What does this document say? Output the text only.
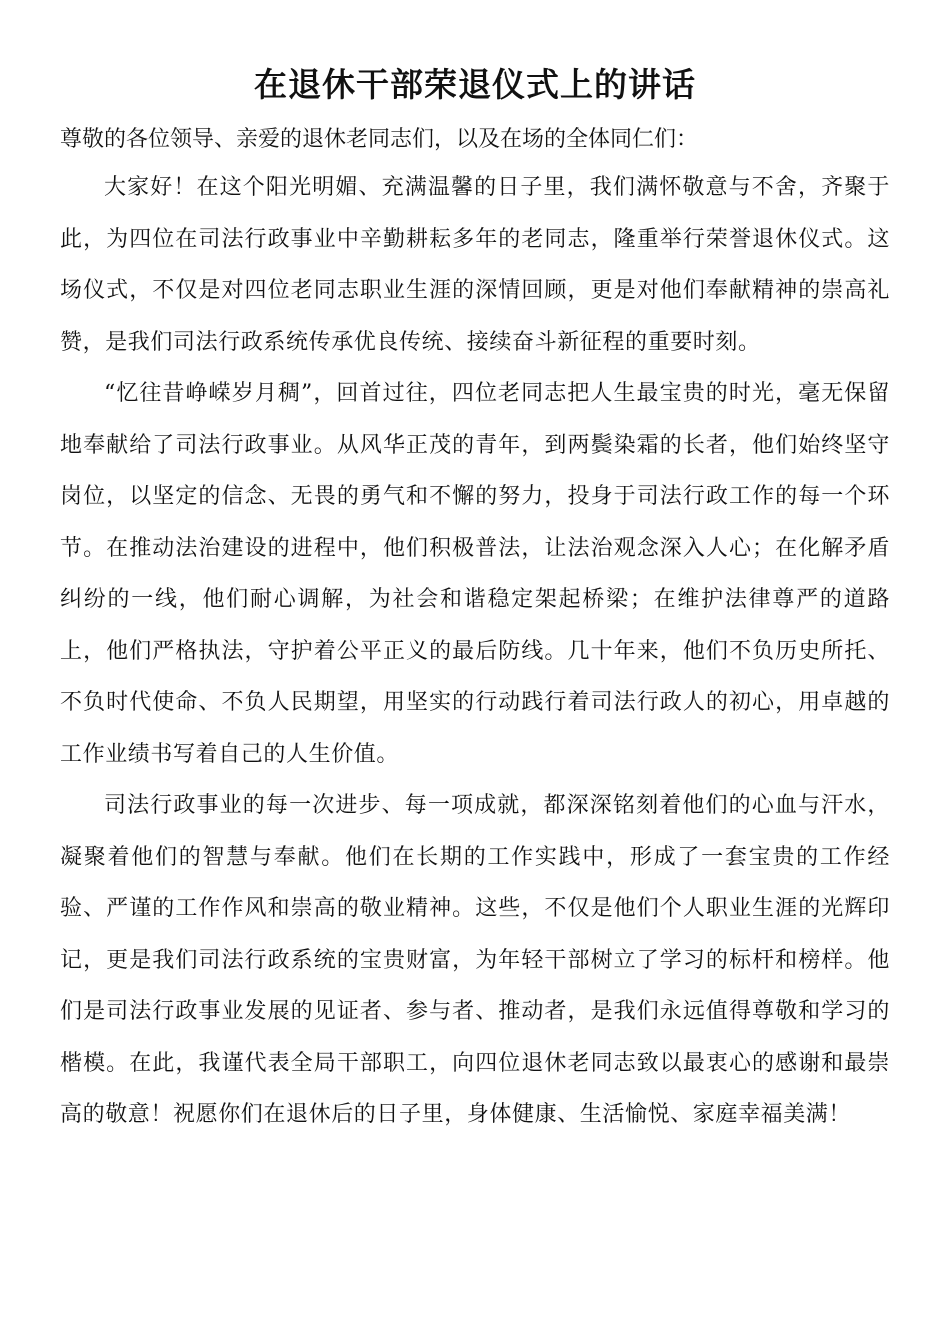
在退休干部荣退仪式上的讲话

尊敬的各位领导、亲爱的退休老同志们，以及在场的全体同仁们：

大家好！在这个阳光明媚、充满温馨的日子里，我们满怀敬意与不舍，齐聚于此，为四位在司法行政事业中辛勤耕耘多年的老同志，隆重举行荣誉退休仪式。这场仪式，不仅是对四位老同志职业生涯的深情回顾，更是对他们奉献精神的崇高礼赞，是我们司法行政系统传承优良传统、接续奋斗新征程的重要时刻。

“忆往昔峥嵘岁月稠”，回首过往，四位老同志把人生最宝贵的时光，毫无保留地奉献给了司法行政事业。从风华正茂的青年，到两鬓染霜的长者，他们始终坚守岗位，以坚定的信念、无畏的勇气和不懈的努力，投身于司法行政工作的每一个环节。在推动法治建设的进程中，他们积极普法，让法治观念深入人心；在化解矛盾纠纷的一线，他们耐心调解，为社会和谐稳定架起桥梁；在维护法律尊严的道路上，他们严格执法，守护着公平正义的最后防线。几十年来，他们不负历史所托、不负时代使命、不负人民期望，用坚实的行动践行着司法行政人的初心，用卓越的工作业绩书写着自己的人生价值。

司法行政事业的每一次进步、每一项成就，都深深铭刻着他们的心血与汗水，凝聚着他们的智慧与奉献。他们在长期的工作实践中，形成了一套宝贵的工作经验、严谨的工作作风和崇高的敬业精神。这些，不仅是他们个人职业生涯的光辉印记，更是我们司法行政系统的宝贵财富，为年轻干部树立了学习的标杆和榜样。他们是司法行政事业发展的见证者、参与者、推动者，是我们永远值得尊敬和学习的楷模。在此，我谨代表全局干部职工，向四位退休老同志致以最衷心的感谢和最崇高的敬意！祝愿你们在退休后的日子里，身体健康、生活愉悦、家庭幸福美满！
